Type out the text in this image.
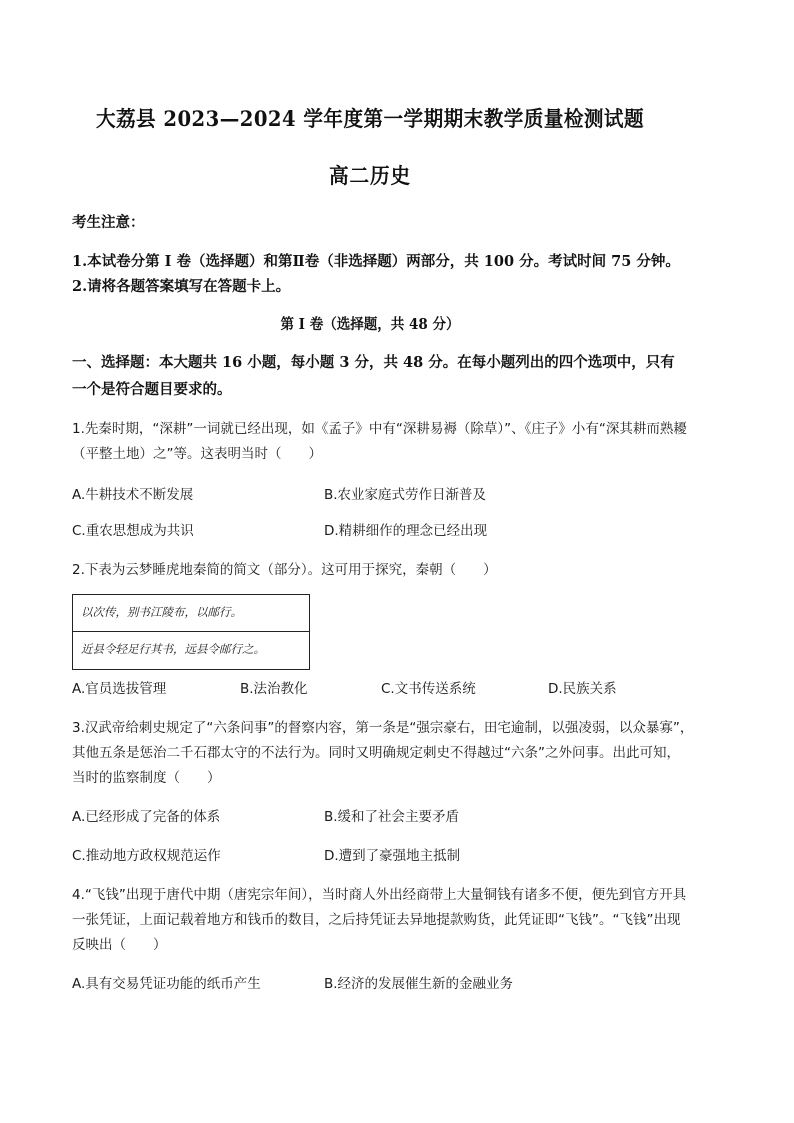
大荔县 2023—2024 学年度第一学期期末教学质量检测试题
高二历史
考生注意：
1.本试卷分第 I 卷（选择题）和第Ⅱ卷（非选择题）两部分，共 100 分。考试时间 75 分钟。
2.请将各题答案填写在答题卡上。
第 I 卷（选择题，共 48 分）
一、选择题：本大题共 16 小题，每小题 3 分，共 48 分。在每小题列出的四个选项中，只有
一个是符合题目要求的。
1.先秦时期，“深耕”一词就已经出现，如《孟子》中有“深耕易褥（除草）”、《庄子》小有“深其耕而熟耰
（平整土地）之”等。这表明当时（　　）
A.牛耕技术不断发展	B.农业家庭式劳作日渐普及
C.重农思想成为共识	D.精耕细作的理念已经出现
2.下表为云梦睡虎地秦简的简文（部分）。这可用于探究，秦朝（　　）
以次传，别书江陵布，以邮行。
近县令轻足行其书，远县令邮行之。
A.官员选拔管理	B.法治教化	C.文书传送系统	D.民族关系
3.汉武帝给刺史规定了“六条问事”的督察内容，第一条是“强宗豪右，田宅逾制，以强凌弱，以众暴寡”，
其他五条是惩治二千石郡太守的不法行为。同时又明确规定刺史不得越过“六条”之外问事。出此可知，
当时的监察制度（　　）
A.已经形成了完备的体系	B.缓和了社会主要矛盾
C.推动地方政权规范运作	D.遭到了豪强地主抵制
4.“飞钱”出现于唐代中期（唐宪宗年间），当时商人外出经商带上大量铜钱有诸多不便，便先到官方开具
一张凭证，上面记载着地方和钱币的数目，之后持凭证去异地提款购货，此凭证即“飞钱”。“飞钱”出现
反映出（　　）
A.具有交易凭证功能的纸币产生	B.经济的发展催生新的金融业务
